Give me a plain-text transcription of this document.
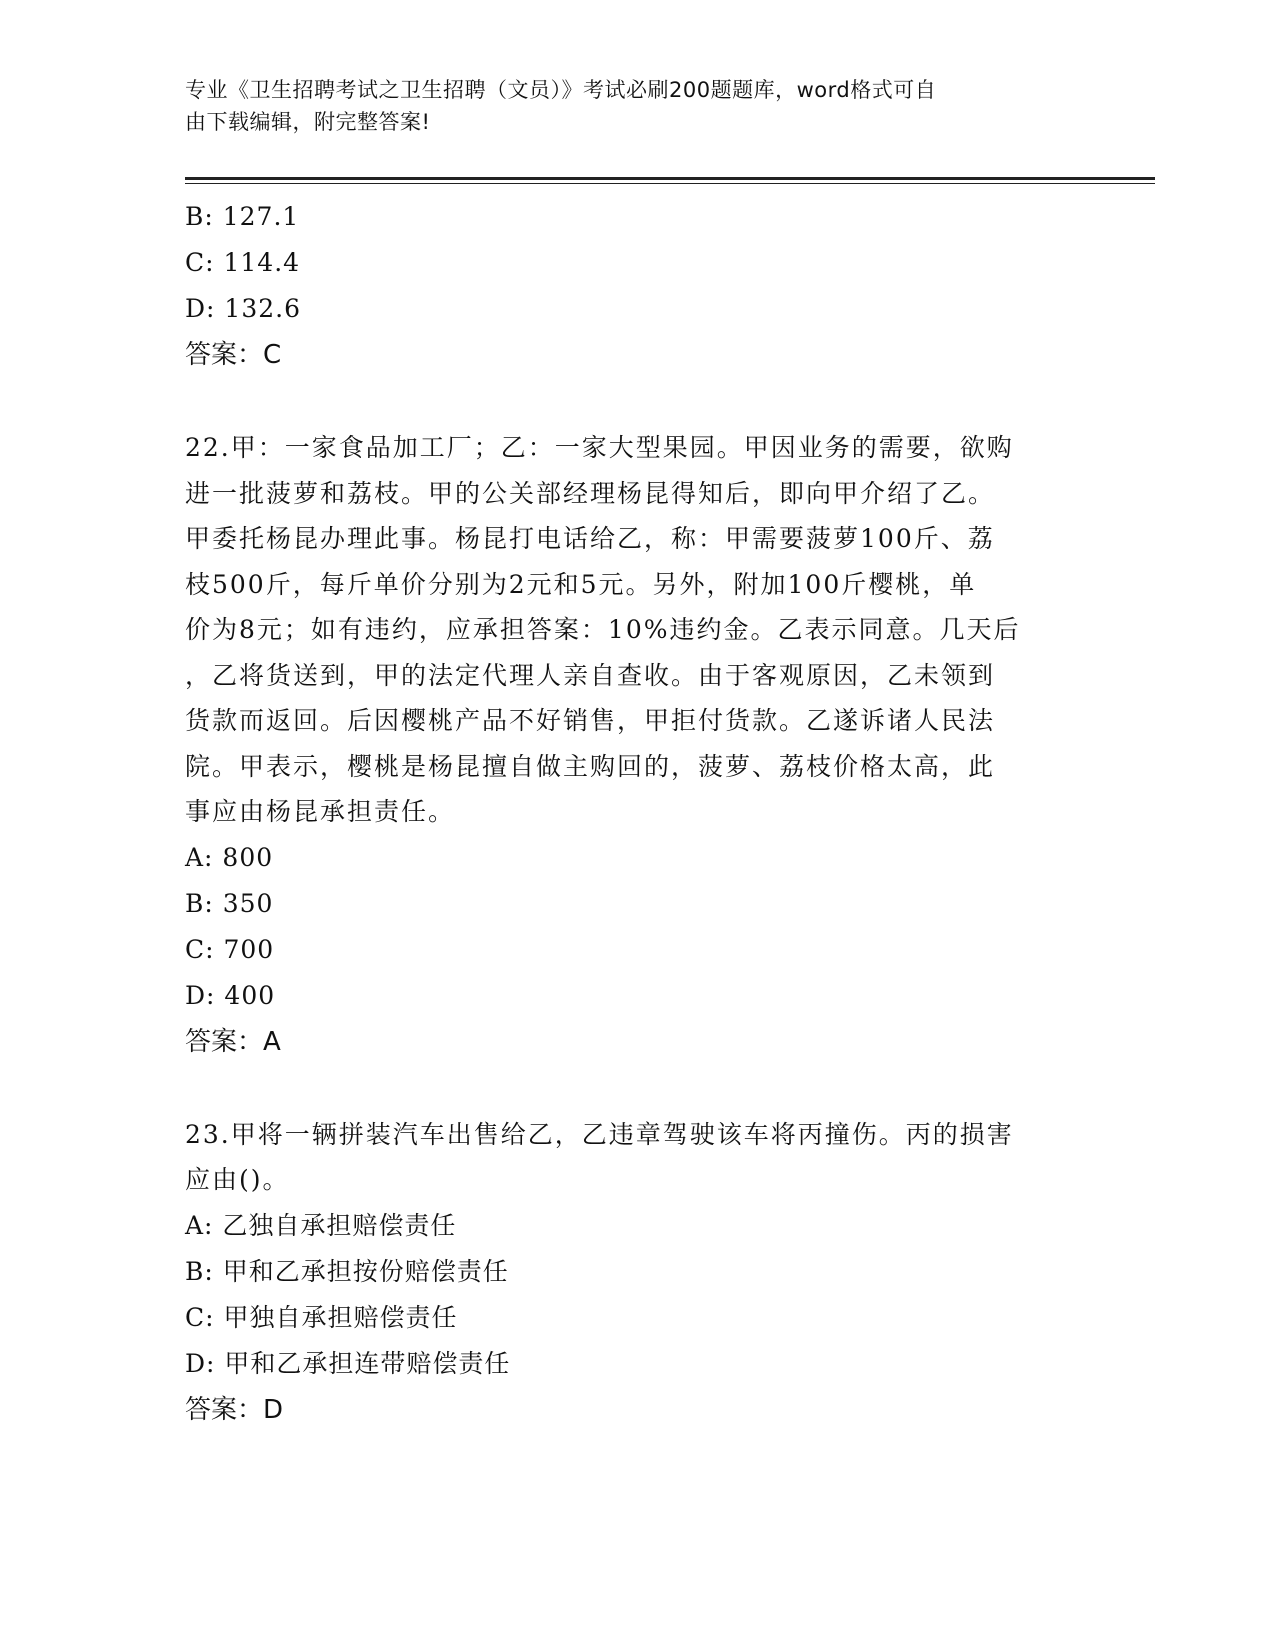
专业《卫生招聘考试之卫生招聘（文员）》考试必刷200题题库，word格式可自
由下载编辑，附完整答案!
B: 127.1
C: 114.4
D: 132.6
答案：C
22.甲：一家食品加工厂；乙：一家大型果园。甲因业务的需要，欲购
进一批菠萝和荔枝。甲的公关部经理杨昆得知后，即向甲介绍了乙。
甲委托杨昆办理此事。杨昆打电话给乙，称：甲需要菠萝100斤、荔
枝500斤，每斤单价分别为2元和5元。另外，附加100斤樱桃，单
价为8元；如有违约，应承担答案：10%违约金。乙表示同意。几天后
，乙将货送到，甲的法定代理人亲自查收。由于客观原因，乙未领到
货款而返回。后因樱桃产品不好销售，甲拒付货款。乙遂诉诸人民法
院。甲表示，樱桃是杨昆擅自做主购回的，菠萝、荔枝价格太高，此
事应由杨昆承担责任。
A: 800
B: 350
C: 700
D: 400
答案：A
23.甲将一辆拼装汽车出售给乙，乙违章驾驶该车将丙撞伤。丙的损害
应由()。
A: 乙独自承担赔偿责任
B: 甲和乙承担按份赔偿责任
C: 甲独自承担赔偿责任
D: 甲和乙承担连带赔偿责任
答案：D
